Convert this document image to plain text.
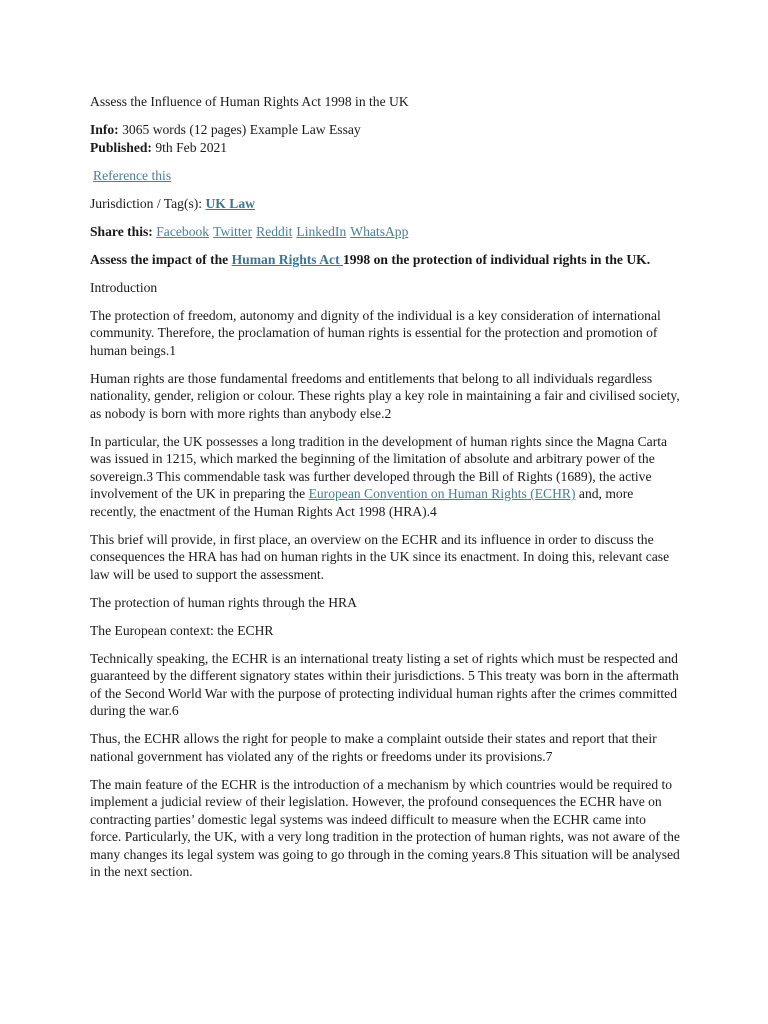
Assess the Influence of Human Rights Act 1998 in the UK

Info: 3065 words (12 pages) Example Law Essay
Published: 9th Feb 2021

Reference this

Jurisdiction / Tag(s): UK Law

Share this: Facebook Twitter Reddit LinkedIn WhatsApp

Assess the impact of the Human Rights Act 1998 on the protection of individual rights in the UK.

Introduction

The protection of freedom, autonomy and dignity of the individual is a key consideration of international community. Therefore, the proclamation of human rights is essential for the protection and promotion of human beings.1

Human rights are those fundamental freedoms and entitlements that belong to all individuals regardless nationality, gender, religion or colour. These rights play a key role in maintaining a fair and civilised society, as nobody is born with more rights than anybody else.2

In particular, the UK possesses a long tradition in the development of human rights since the Magna Carta was issued in 1215, which marked the beginning of the limitation of absolute and arbitrary power of the sovereign.3 This commendable task was further developed through the Bill of Rights (1689), the active involvement of the UK in preparing the European Convention on Human Rights (ECHR) and, more recently, the enactment of the Human Rights Act 1998 (HRA).4

This brief will provide, in first place, an overview on the ECHR and its influence in order to discuss the consequences the HRA has had on human rights in the UK since its enactment. In doing this, relevant case law will be used to support the assessment.

The protection of human rights through the HRA

The European context: the ECHR

Technically speaking, the ECHR is an international treaty listing a set of rights which must be respected and guaranteed by the different signatory states within their jurisdictions. 5 This treaty was born in the aftermath of the Second World War with the purpose of protecting individual human rights after the crimes committed during the war.6

Thus, the ECHR allows the right for people to make a complaint outside their states and report that their national government has violated any of the rights or freedoms under its provisions.7

The main feature of the ECHR is the introduction of a mechanism by which countries would be required to implement a judicial review of their legislation. However, the profound consequences the ECHR have on contracting parties’ domestic legal systems was indeed difficult to measure when the ECHR came into force. Particularly, the UK, with a very long tradition in the protection of human rights, was not aware of the many changes its legal system was going to go through in the coming years.8 This situation will be analysed in the next section.
